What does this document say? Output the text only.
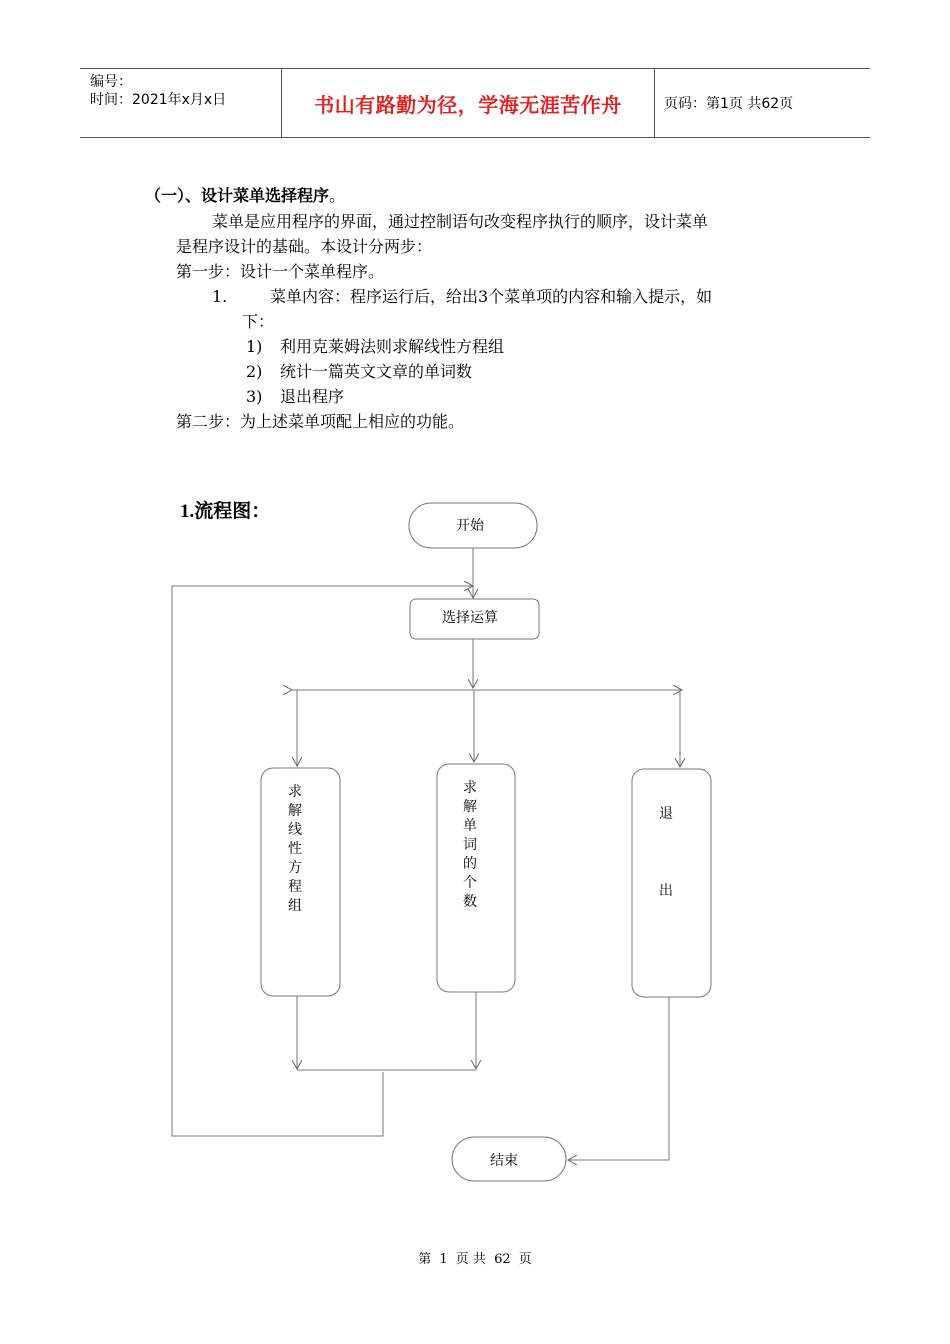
编号：
时间：2021年x月x日	书山有路勤为径，学海无涯苦作舟	页码：第1页 共62页
（一）、设计菜单选择程序。
菜单是应用程序的界面，通过控制语句改变程序执行的顺序，设计菜单
是程序设计的基础。本设计分两步：
第一步：设计一个菜单程序。
1.	菜单内容：程序运行后，给出3个菜单项的内容和输入提示，如
下：
1) 利用克莱姆法则求解线性方程组
2) 统计一篇英文文章的单词数
3) 退出程序
第二步：为上述菜单项配上相应的功能。
1.流程图：
开始
选择运算
结束
求
解
线
性
方
程
组
求
解
单
词
的
个
数
退
出
第 1 页 共 62 页
